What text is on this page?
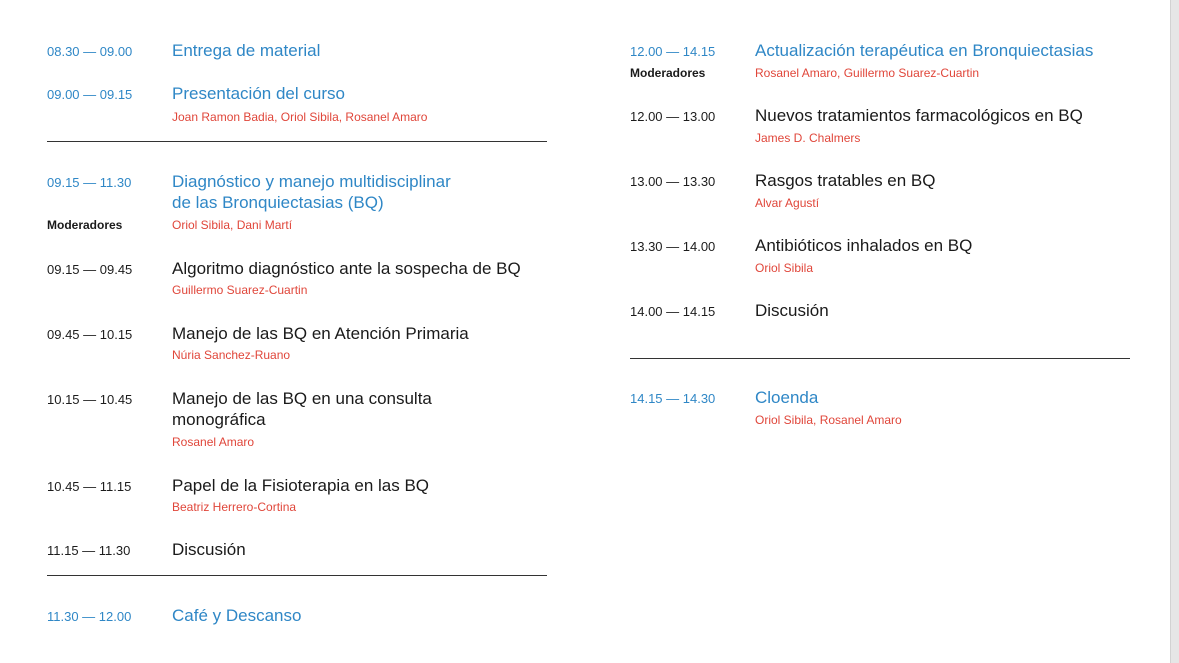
08.30 — 09.00 Entrega de material
09.00 — 09.15 Presentación del curso
Joan Ramon Badia, Oriol Sibila, Rosanel Amaro
09.15 — 11.30 Diagnóstico y manejo multidisciplinar
de las Bronquiectasias (BQ)
Moderadores	Oriol Sibila, Dani Martí
09.15 — 09.45 Algoritmo diagnóstico ante la sospecha de BQ
Guillermo Suarez-Cuartin
09.45 — 10.15 Manejo de las BQ en Atención Primaria
Núria Sanchez-Ruano
10.15 — 10.45 Manejo de las BQ en una consulta
monográfica
Rosanel Amaro
10.45 — 11.15 Papel de la Fisioterapia en las BQ
Beatriz Herrero-Cortina
11.15 — 11.30 Discusión
11.30 — 12.00 Café y Descanso
12.00 — 14.15 Actualización terapéutica en Bronquiectasias
Moderadores	Rosanel Amaro, Guillermo Suarez-Cuartin
12.00 — 13.00 Nuevos tratamientos farmacológicos en BQ
James D. Chalmers
13.00 — 13.30 Rasgos tratables en BQ
Alvar Agustí
13.30 — 14.00 Antibióticos inhalados en BQ
Oriol Sibila
14.00 — 14.15 Discusión
14.15 — 14.30 Cloenda
Oriol Sibila, Rosanel Amaro
